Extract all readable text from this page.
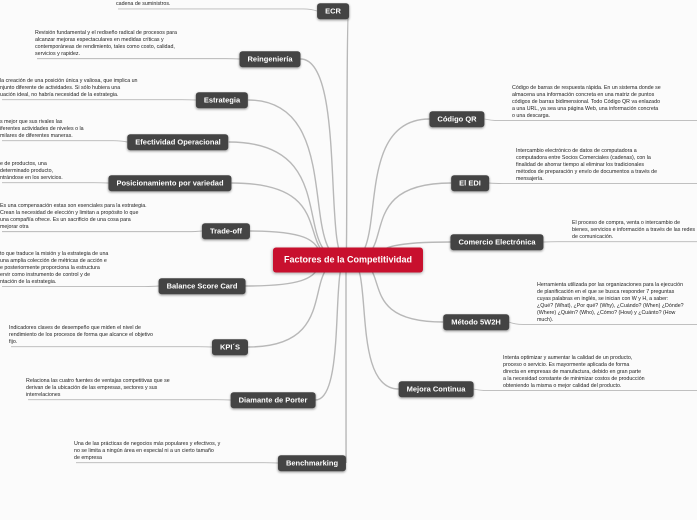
Factores de la Competitividad
ECR
Reingeniería
Estrategia
Efectividad Operacional
Posicionamiento por variedad
Trade-off
Balance Score Card
KPI´S
Diamante de Porter
Benchmarking
Código QR
El EDI
Comercio Electrónica
Método 5W2H
Mejora Continua
cadena de suministros.
Revisión fundamental y el rediseño radical de procesos para
alcanzar mejoras espectaculares en medidas críticas y
contemporáneas de rendimiento, tales como costo, calidad,
servicios y rapidez.
la creación de una posición única y valiosa, que implica un
njunto diferente de actividades. Si sólo hubiera una
uación ideal, no habría necesidad de la estrategia.
s mejor que sus rivales las
iferentes actividades de niveles o la
milares de diferentes maneras.
e de productos, una
determinado producto,
ntrándose en los servicios.
Es una compensación estas son esenciales para la estrategia.
Crean la necesidad de elección y limitan a propósito lo que
una compañía ofrece. Es un sacrificio de una cosa para
mejorar otra
to que traduce la misión y la estrategia de una
una amplia colección de métricas de acción e
e posteriormente proporciona la estructura
ervir como instrumento de control y de
ntación de la estrategia.
Indicadores claves de desempeño que miden el nivel de
rendimiento de los procesos de forma que alcance el objetivo
fijo.
Relaciona las cuatro fuentes de ventajas competitivas que se
derivan de la ubicación de las empresas, sectores y sus
interrelaciones
Una de las prácticas de negocios más populares y efectivos, y
no se limita a ningún área en especial ni a un cierto tamaño
de empresa
Código de barras de respuesta rápida. En un sistema donde se
almacena una información concreta en una matriz de puntos
códigos de barras bidimensional. Todo Código QR va enlazado
a una URL, ya sea una página Web, una información concreta
o una descarga.
Intercambio electrónico de datos de computadora a
computadora entre Socios Comerciales (cadenas), con la
finalidad de ahorrar tiempo al eliminar los tradicionales
métodos de preparación y envío de documentos a través de
mensajería.
El proceso de compra, venta o intercambio de
bienes, servicios e información a través de las redes
de comunicación.
Herramienta utilizada por las organizaciones para la ejecución
de planificación en el que se busca responder 7 preguntas
cuyas palabras en inglés, se inician con W y H, a saber:
¿Qué? (What), ¿Por qué? (Why), ¿Cuándo? (When) ¿Dónde?
(Where) ¿Quién? (Who), ¿Cómo? (How) y ¿Cuánto? (How
much).
Intenta optimizar y aumentar la calidad de un producto,
proceso o servicio. Es mayormente aplicada de forma
directa en empresas de manufactura, debido en gran parte
a la necesidad constante de minimizar costos de producción
obteniendo la misma o mejor calidad del producto.
